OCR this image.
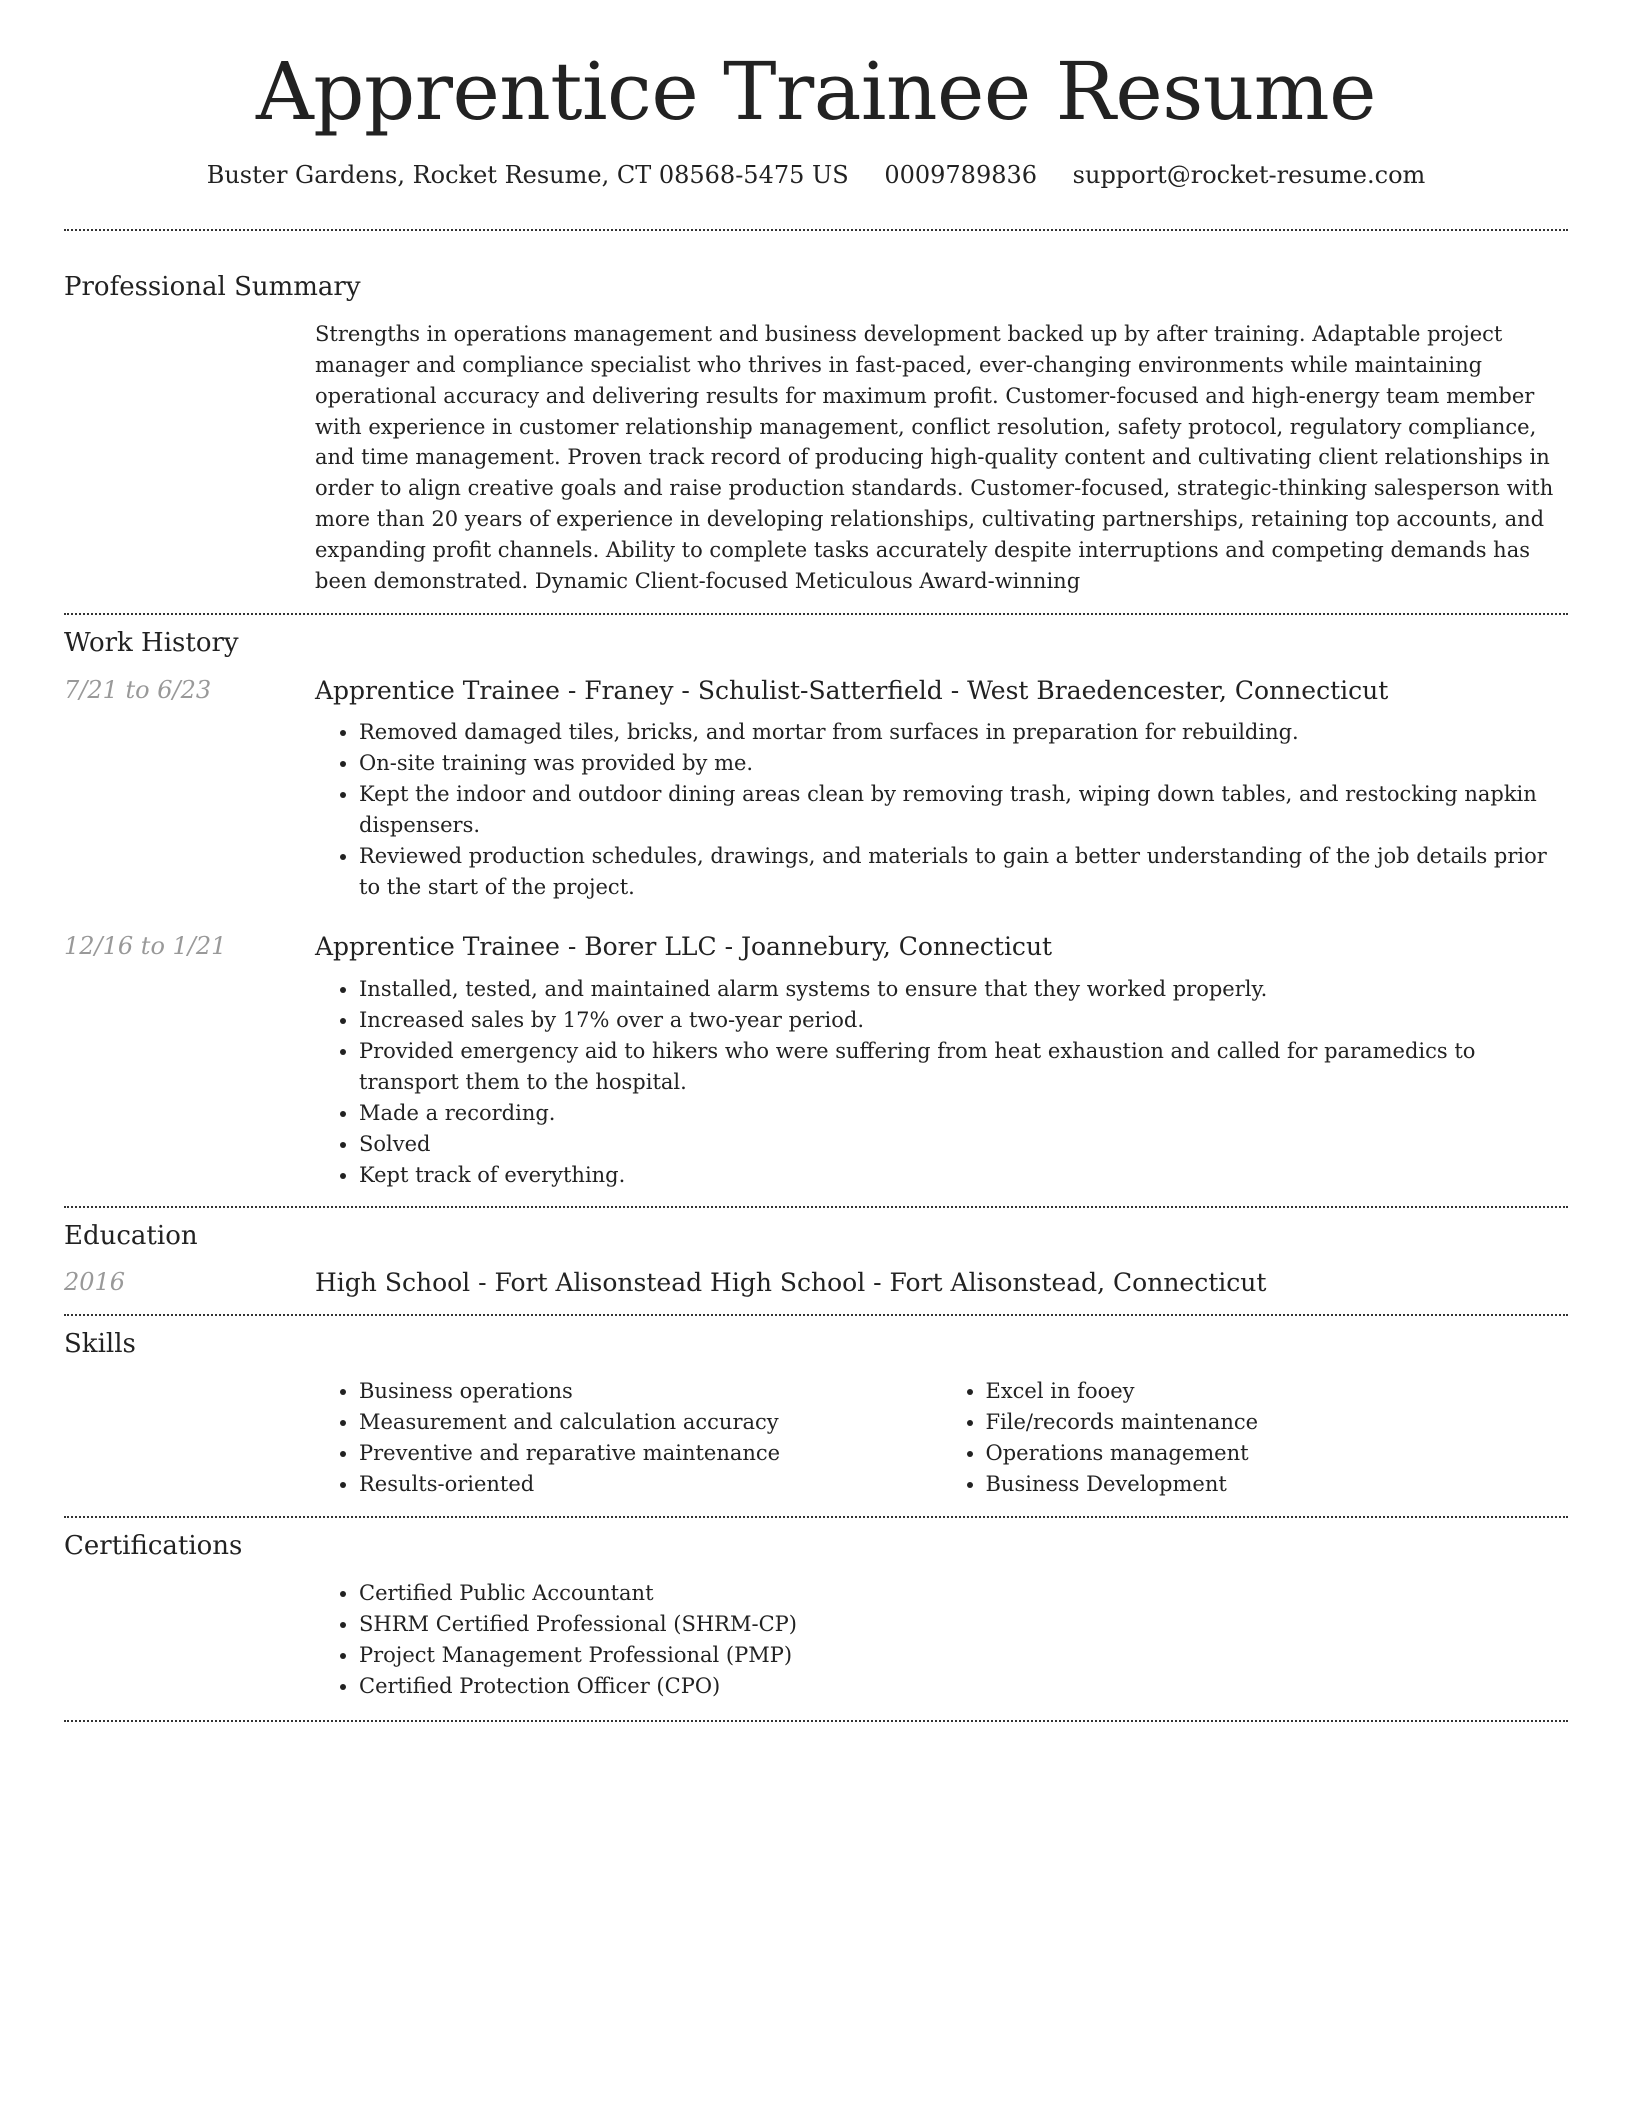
Apprentice Trainee Resume
Buster Gardens, Rocket Resume, CT 08568-5475 US 0009789836 support@rocket-resume.com
Professional Summary

Strengths in operations management and business development backed up by after training. Adaptable project manager and compliance specialist who thrives in fast-paced, ever-changing environments while maintaining operational accuracy and delivering results for maximum profit. Customer-focused and high-energy team member with experience in customer relationship management, conflict resolution, safety protocol, regulatory compliance, and time management. Proven track record of producing high-quality content and cultivating client relationships in order to align creative goals and raise production standards. Customer-focused, strategic-thinking salesperson with more than 20 years of experience in developing relationships, cultivating partnerships, retaining top accounts, and expanding profit channels. Ability to complete tasks accurately despite interruptions and competing demands has been demonstrated. Dynamic Client-focused Meticulous Award-winning

Work History
7/21 to 6/23	Apprentice Trainee - Franey - Schulist-Satterfield - West Braedencester, Connecticut
• Removed damaged tiles, bricks, and mortar from surfaces in preparation for rebuilding.
• On-site training was provided by me.
• Kept the indoor and outdoor dining areas clean by removing trash, wiping down tables, and restocking napkin dispensers.
• Reviewed production schedules, drawings, and materials to gain a better understanding of the job details prior to the start of the project.
12/16 to 1/21	Apprentice Trainee - Borer LLC - Joannebury, Connecticut
• Installed, tested, and maintained alarm systems to ensure that they worked properly.
• Increased sales by 17% over a two-year period.
• Provided emergency aid to hikers who were suffering from heat exhaustion and called for paramedics to transport them to the hospital.
• Made a recording.
• Solved
• Kept track of everything.
Education
2016	High School - Fort Alisonstead High School - Fort Alisonstead, Connecticut
Skills
• Business operations
• Measurement and calculation accuracy
• Preventive and reparative maintenance
• Results-oriented
• Excel in fooey
• File/records maintenance
• Operations management
• Business Development
Certifications
• Certified Public Accountant
• SHRM Certified Professional (SHRM-CP)
• Project Management Professional (PMP)
• Certified Protection Officer (CPO)
